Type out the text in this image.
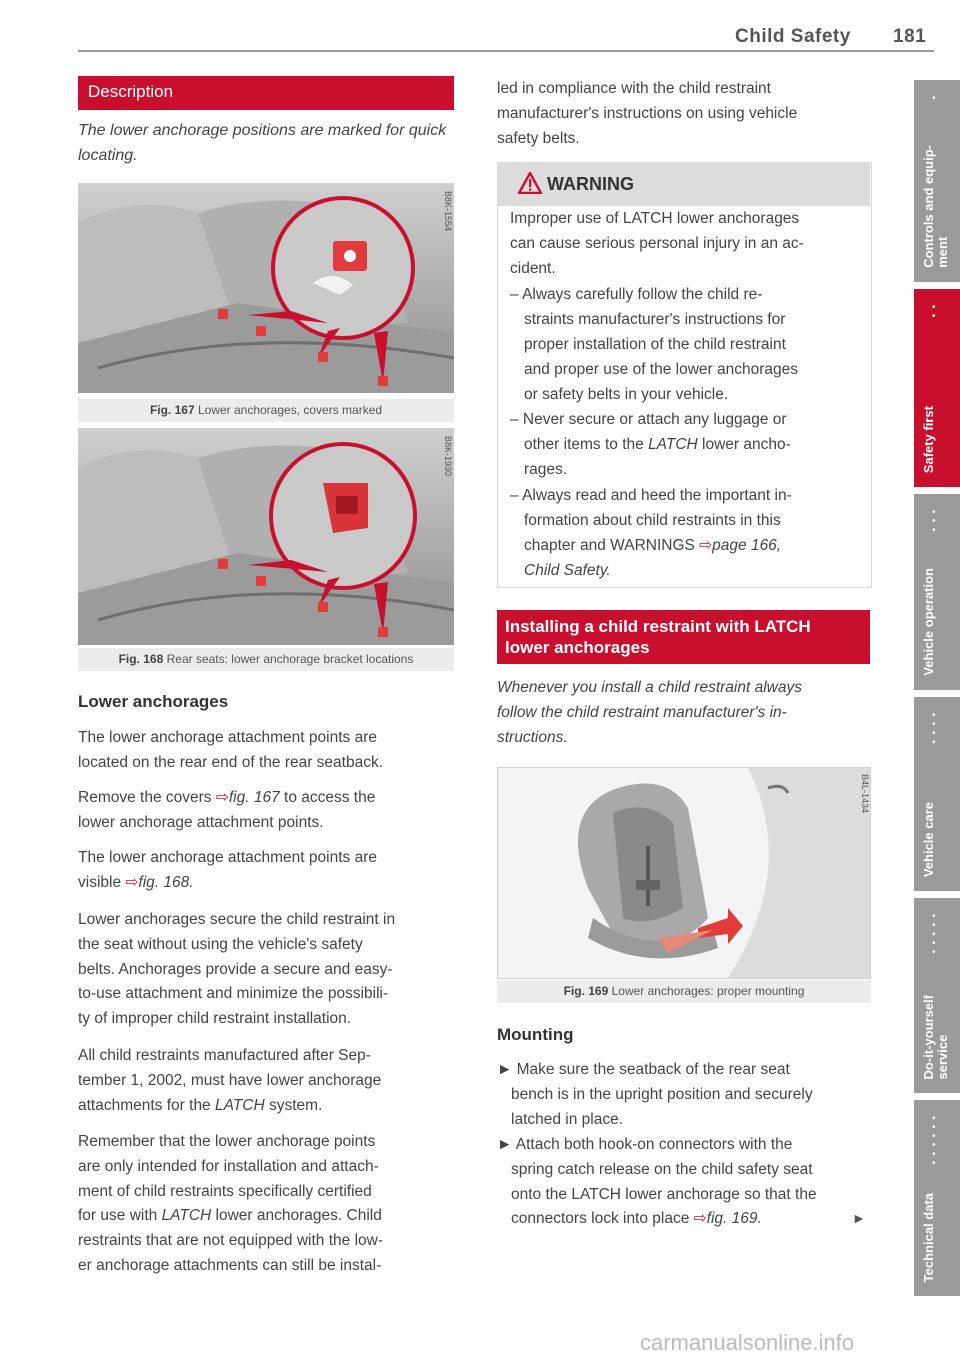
Child Safety 181
Description
The lower anchorage positions are marked for quick locating.
B8K-1554
Fig. 167 Lower anchorages, covers marked
B8K-1930
Fig. 168 Rear seats: lower anchorage bracket locations
Lower anchorages
The lower anchorage attachment points are
located on the rear end of the rear seatback.
Remove the covers ⇨fig. 167 to access the
lower anchorage attachment points.
The lower anchorage attachment points are
visible ⇨fig. 168.
Lower anchorages secure the child restraint in
the seat without using the vehicle's safety
belts. Anchorages provide a secure and easy-
to-use attachment and minimize the possibili-
ty of improper child restraint installation.
All child restraints manufactured after Sep-
tember 1, 2002, must have lower anchorage
attachments for the LATCH system.
Remember that the lower anchorage points
are only intended for installation and attach-
ment of child restraints specifically certified
for use with LATCH lower anchorages. Child
restraints that are not equipped with the low-
er anchorage attachments can still be instal-
led in compliance with the child restraint
manufacturer's instructions on using vehicle
safety belts.
WARNING
Improper use of LATCH lower anchorages
can cause serious personal injury in an ac-
cident.
– Always carefully follow the child re-
straints manufacturer's instructions for
proper installation of the child restraint
and proper use of the lower anchorages
or safety belts in your vehicle.
– Never secure or attach any luggage or
other items to the LATCH lower ancho-
rages.
– Always read and heed the important in-
formation about child restraints in this
chapter and WARNINGS ⇨page 166,
Child Safety.
Installing a child restraint with LATCH
lower anchorages
Whenever you install a child restraint always
follow the child restraint manufacturer's in-
structions.
B4L-1434
Fig. 169 Lower anchorages: proper mounting
Mounting
► Make sure the seatback of the rear seat
bench is in the upright position and securely
latched in place.
► Attach both hook-on connectors with the
spring catch release on the child safety seat
onto the LATCH lower anchorage so that the
connectors lock into place ⇨fig. 169.	►
•
Controls and equip-
ment
•
•
Safety first
•
•
•
Vehicle operation
•
•
•
•
Vehicle care
•
•
•
•
•
Do-it-yourself
service
•
•
•
•
•
•
Technical data
carmanualsonline.info
